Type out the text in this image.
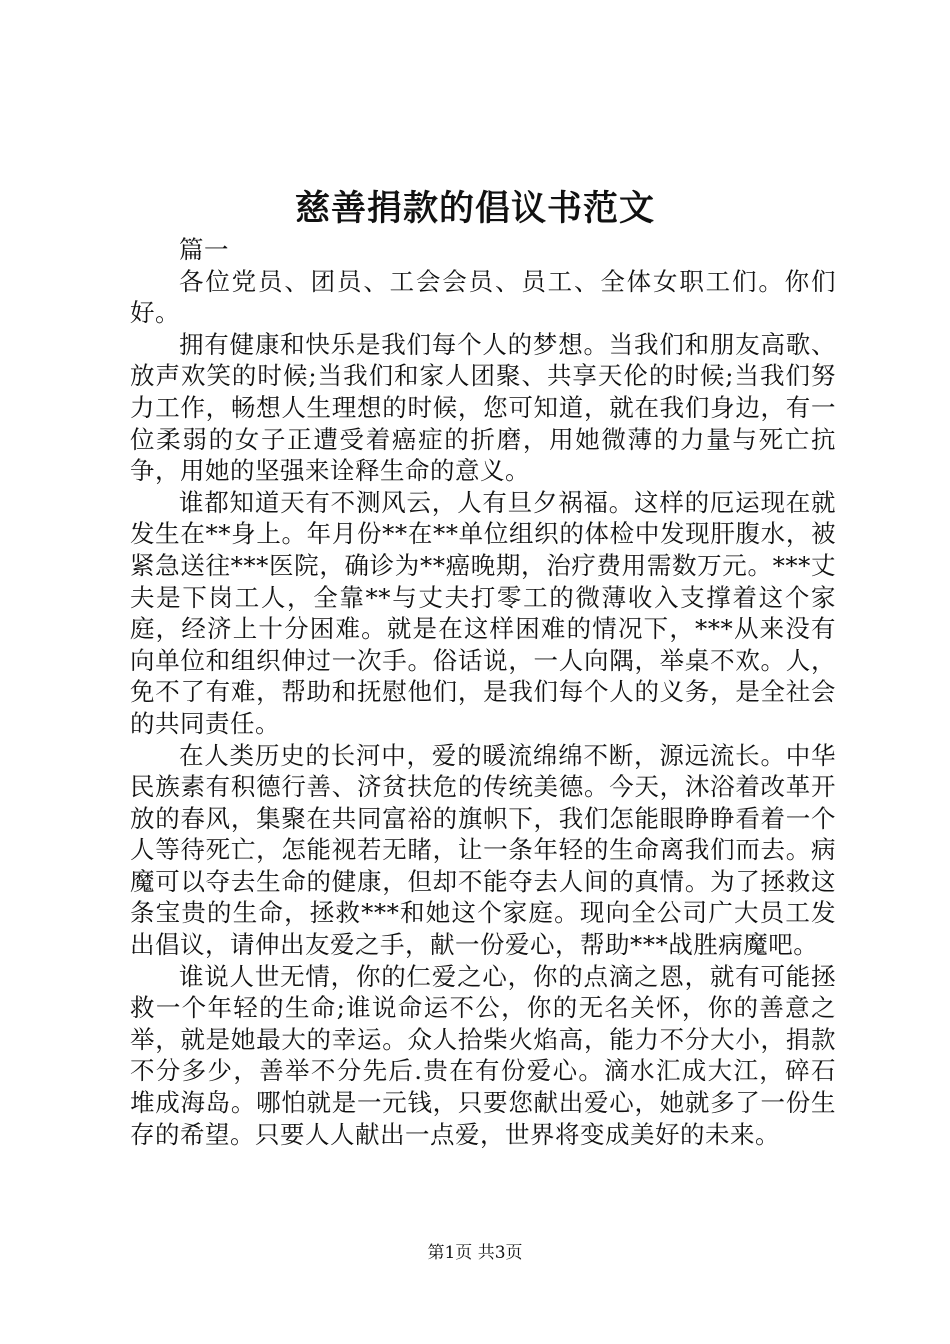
慈善捐款的倡议书范文

篇一

各位党员、团员、工会会员、员工、全体女职工们。你们好。

拥有健康和快乐是我们每个人的梦想。当我们和朋友高歌、放声欢笑的时候;当我们和家人团聚、共享天伦的时候;当我们努力工作，畅想人生理想的时候，您可知道，就在我们身边，有一位柔弱的女子正遭受着癌症的折磨，用她微薄的力量与死亡抗争，用她的坚强来诠释生命的意义。

谁都知道天有不测风云，人有旦夕祸福。这样的厄运现在就发生在**身上。年月份**在**单位组织的体检中发现肝腹水，被紧急送往***医院，确诊为**癌晚期，治疗费用需数万元。***丈夫是下岗工人，全靠**与丈夫打零工的微薄收入支撑着这个家庭，经济上十分困难。就是在这样困难的情况下，***从来没有向单位和组织伸过一次手。俗话说，一人向隅，举桌不欢。人，免不了有难，帮助和抚慰他们，是我们每个人的义务，是全社会的共同责任。

在人类历史的长河中，爱的暖流绵绵不断，源远流长。中华民族素有积德行善、济贫扶危的传统美德。今天，沐浴着改革开放的春风，集聚在共同富裕的旗帜下，我们怎能眼睁睁看着一个人等待死亡，怎能视若无睹，让一条年轻的生命离我们而去。病魔可以夺去生命的健康，但却不能夺去人间的真情。为了拯救这条宝贵的生命，拯救***和她这个家庭。现向全公司广大员工发出倡议，请伸出友爱之手，献一份爱心，帮助***战胜病魔吧。

谁说人世无情，你的仁爱之心，你的点滴之恩，就有可能拯救一个年轻的生命;谁说命运不公，你的无名关怀，你的善意之举，就是她最大的幸运。众人拾柴火焰高，能力不分大小，捐款不分多少，善举不分先后.贵在有份爱心。滴水汇成大江，碎石堆成海岛。哪怕就是一元钱，只要您献出爱心，她就多了一份生存的希望。只要人人献出一点爱，世界将变成美好的未来。

第1页 共3页
